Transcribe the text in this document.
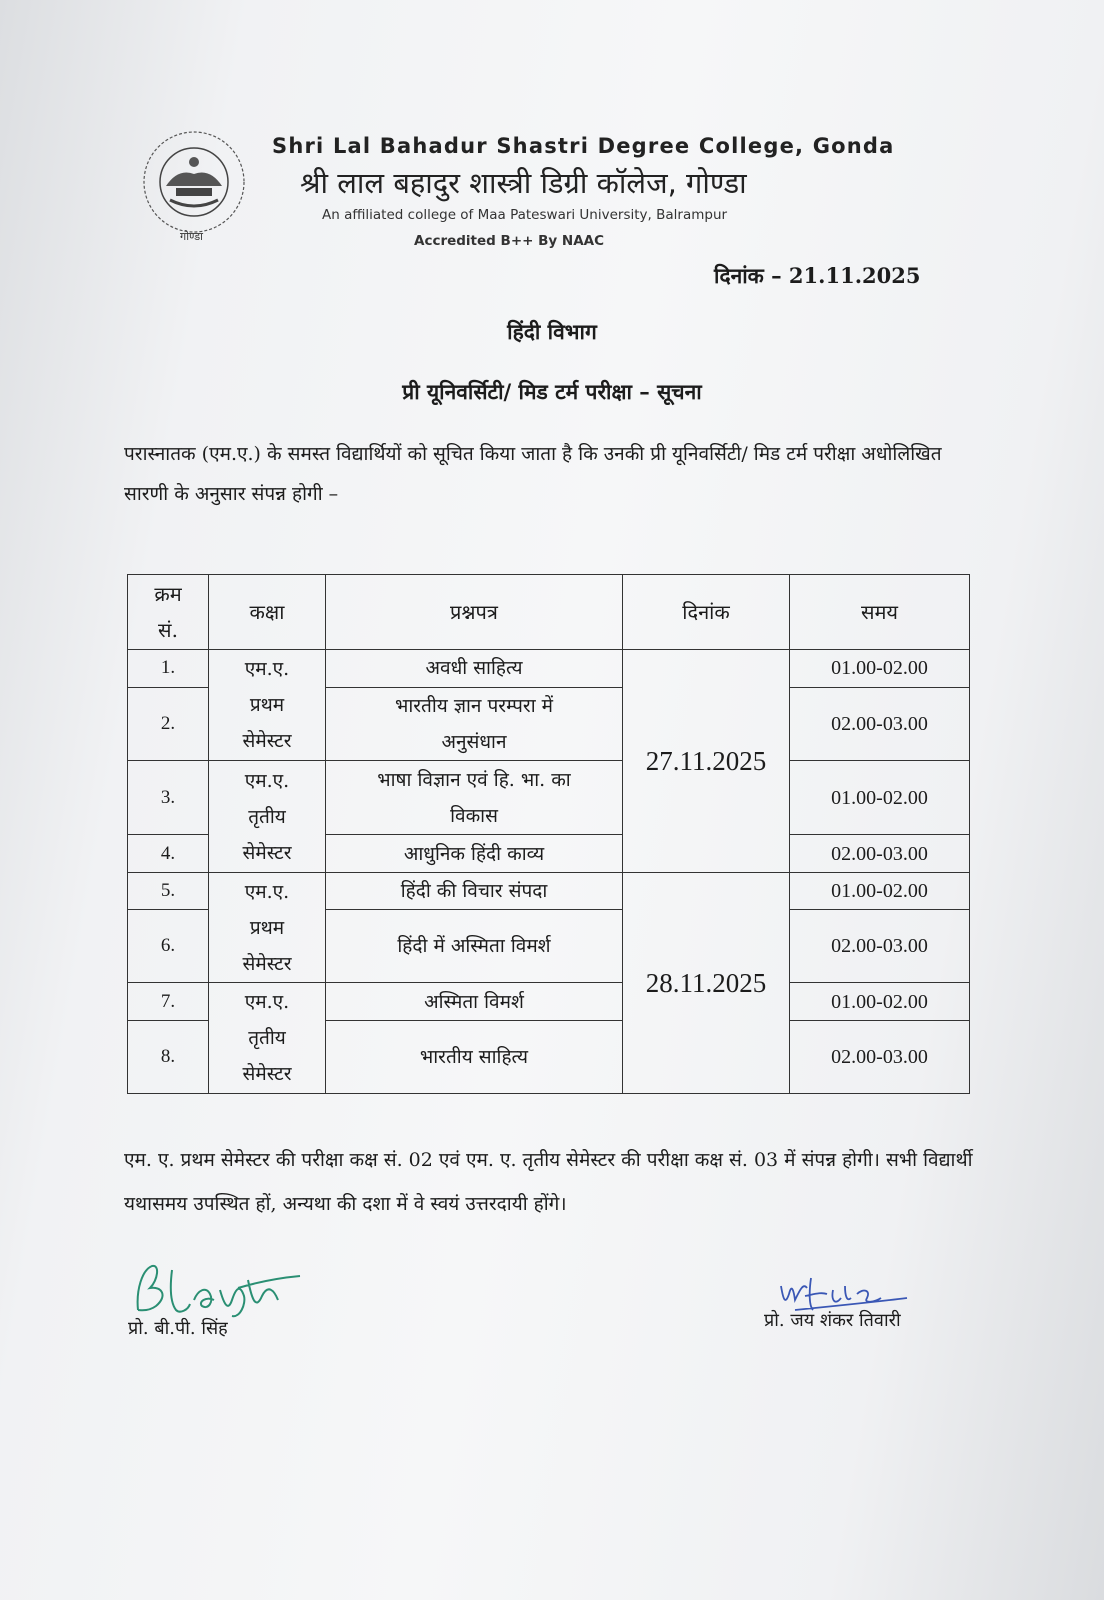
गोण्डा
Shri Lal Bahadur Shastri Degree College, Gonda
श्री लाल बहादुर शास्त्री डिग्री कॉलेज, गोण्डा
An affiliated college of Maa Pateswari University, Balrampur
Accredited B++ By NAAC
दिनांक – 21.11.2025
हिंदी विभाग
प्री यूनिवर्सिटी/ मिड टर्म परीक्षा – सूचना
परास्नातक (एम.ए.) के समस्त विद्यार्थियों को सूचित किया जाता है कि उनकी प्री यूनिवर्सिटी/ मिड टर्म परीक्षा अधोलिखित सारणी के अनुसार संपन्न होगी –
क्रम
सं.	कक्षा	प्रश्नपत्र	दिनांक	समय
1.	एम.ए.
प्रथम
सेमेस्टर	अवधी साहित्य	27.11.2025	01.00-02.00
2.		भारतीय ज्ञान परम्परा में
अनुसंधान		02.00-03.00
3.	एम.ए.
तृतीय
सेमेस्टर	भाषा विज्ञान एवं हि. भा. का
विकास		01.00-02.00
4.		आधुनिक हिंदी काव्य		02.00-03.00
5.	एम.ए.
प्रथम
सेमेस्टर	हिंदी की विचार संपदा	28.11.2025	01.00-02.00
6.		हिंदी में अस्मिता विमर्श		02.00-03.00
7.	एम.ए.
तृतीय
सेमेस्टर	अस्मिता विमर्श		01.00-02.00
8.		भारतीय साहित्य		02.00-03.00
एम. ए. प्रथम सेमेस्टर की परीक्षा कक्ष सं. 02 एवं एम. ए. तृतीय सेमेस्टर की परीक्षा कक्ष सं. 03 में संपन्न होगी। सभी विद्यार्थी यथासमय उपस्थित हों, अन्यथा की दशा में वे स्वयं उत्तरदायी होंगे।
प्रो. बी.पी. सिंह	प्रो. जय शंकर तिवारी
